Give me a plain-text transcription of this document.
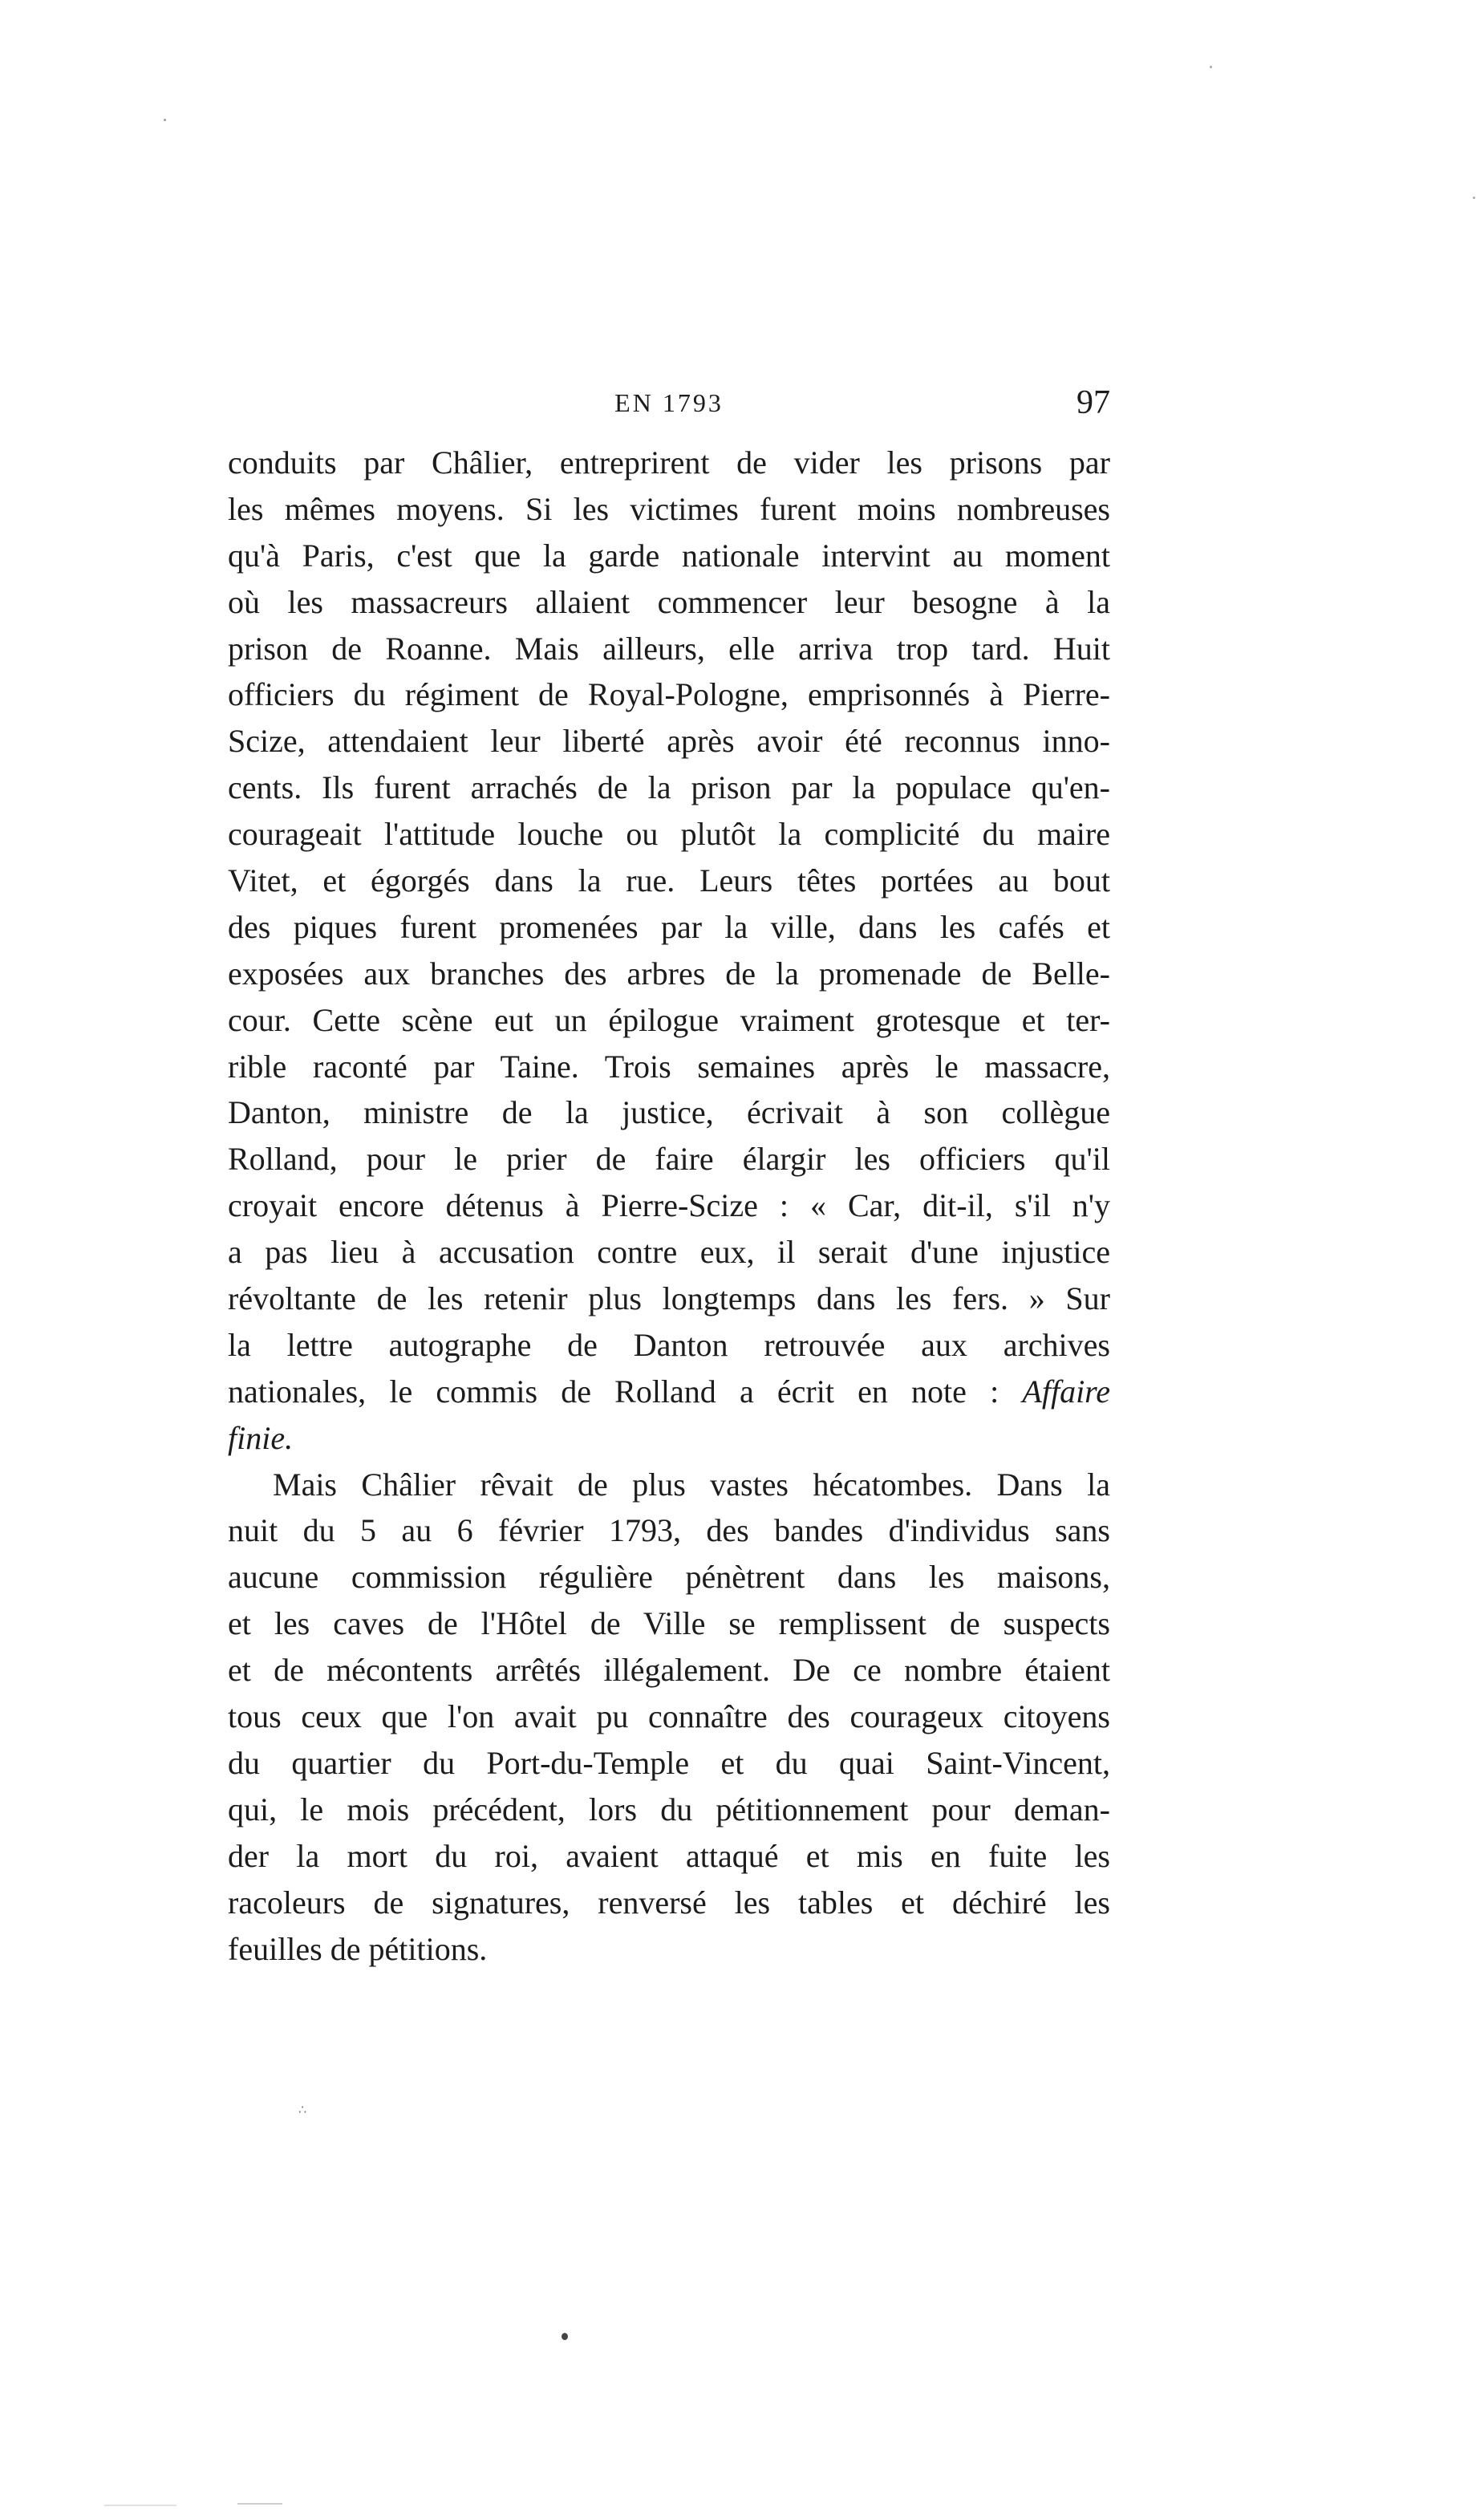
EN 1793	97
conduits par Châlier, entreprirent de vider les prisons par
les mêmes moyens. Si les victimes furent moins nombreuses
qu'à Paris, c'est que la garde nationale intervint au moment
où les massacreurs allaient commencer leur besogne à la
prison de Roanne. Mais ailleurs, elle arriva trop tard. Huit
officiers du régiment de Royal-Pologne, emprisonnés à Pierre-
Scize, attendaient leur liberté après avoir été reconnus inno-
cents. Ils furent arrachés de la prison par la populace qu'en-
courageait l'attitude louche ou plutôt la complicité du maire
Vitet, et égorgés dans la rue. Leurs têtes portées au bout
des piques furent promenées par la ville, dans les cafés et
exposées aux branches des arbres de la promenade de Belle-
cour. Cette scène eut un épilogue vraiment grotesque et ter-
rible raconté par Taine. Trois semaines après le massacre,
Danton, ministre de la justice, écrivait à son collègue
Rolland, pour le prier de faire élargir les officiers qu'il
croyait encore détenus à Pierre-Scize : « Car, dit-il, s'il n'y
a pas lieu à accusation contre eux, il serait d'une injustice
révoltante de les retenir plus longtemps dans les fers. » Sur
la lettre autographe de Danton retrouvée aux archives
nationales, le commis de Rolland a écrit en note : Affaire
finie.
Mais Châlier rêvait de plus vastes hécatombes. Dans la
nuit du 5 au 6 février 1793, des bandes d'individus sans
aucune commission régulière pénètrent dans les maisons,
et les caves de l'Hôtel de Ville se remplissent de suspects
et de mécontents arrêtés illégalement. De ce nombre étaient
tous ceux que l'on avait pu connaître des courageux citoyens
du quartier du Port-du-Temple et du quai Saint-Vincent,
qui, le mois précédent, lors du pétitionnement pour deman-
der la mort du roi, avaient attaqué et mis en fuite les
racoleurs de signatures, renversé les tables et déchiré les
feuilles de pétitions.
∴
